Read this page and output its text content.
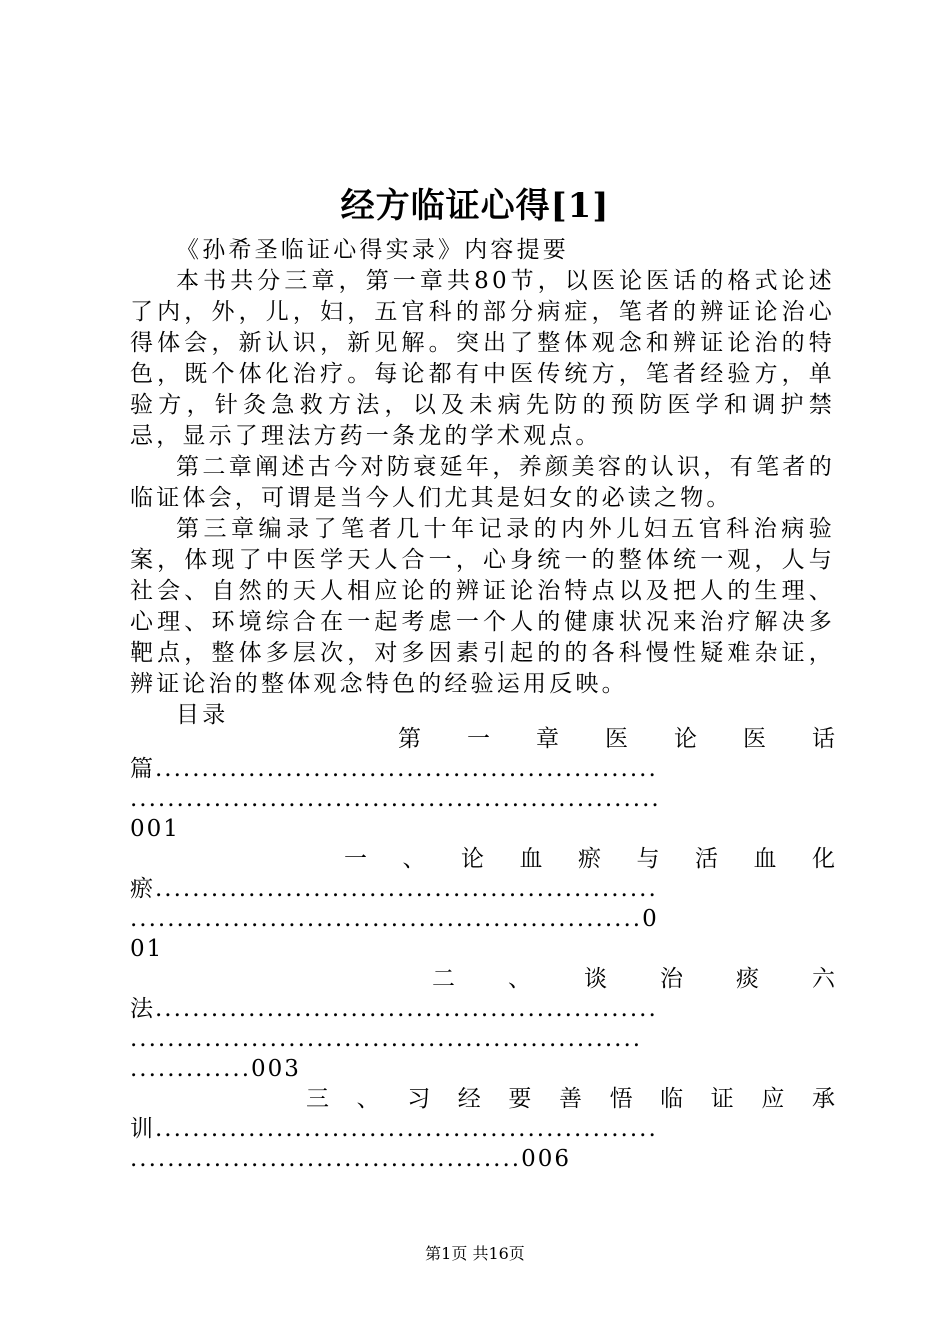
经方临证心得[1]

《孙希圣临证心得实录》内容提要

本书共分三章，第一章共80节，以医论医话的格式论述了内，外，儿，妇，五官科的部分病症，笔者的辨证论治心得体会，新认识，新见解。突出了整体观念和辨证论治的特色，既个体化治疗。每论都有中医传统方，笔者经验方，单验方，针灸急救方法，以及未病先防的预防医学和调护禁忌，显示了理法方药一条龙的学术观点。

第二章阐述古今对防衰延年，养颜美容的认识，有笔者的临证体会，可谓是当今人们尤其是妇女的必读之物。

第三章编录了笔者几十年记录的内外儿妇五官科治病验案，体现了中医学天人合一，心身统一的整体统一观，人与社会、自然的天人相应论的辨证论治特点以及把人的生理、心理、环境综合在一起考虑一个人的健康状况来治疗解决多靶点，整体多层次，对多因素引起的的各科慢性疑难杂证，辨证论治的整体观念特色的经验运用反映。

目录

第 一 章 医 论 医 话
篇......................................................
.........................................................
001
一 、 论 血 瘀 与 活 血 化
瘀......................................................
.......................................................0
01
二 、 谈 治 痰 六
法......................................................
.......................................................
.............003
三 、 习 经 要 善 悟 临 证 应 承
训......................................................
..........................................006
第1页 共16页
